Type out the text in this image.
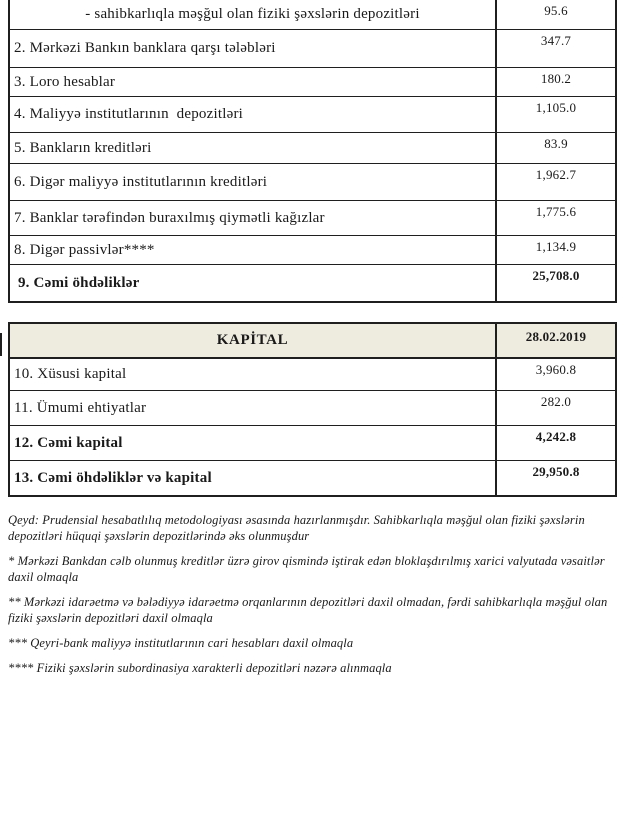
- sahibkarlıqla məşğul olan fiziki şəxslərin depozitləri	95.6
2. Mərkəzi Bankın banklara qarşı tələbləri	347.7
3. Loro hesablar	180.2
4. Maliyyə institutlarının  depozitləri	1,105.0
5. Bankların kreditləri	83.9
6. Digər maliyyə institutlarının kreditləri	1,962.7
7. Banklar tərəfindən buraxılmış qiymətli kağızlar	1,775.6
8. Digər passivlər****	1,134.9
9. Cəmi öhdəliklər	25,708.0
KAPİTAL	28.02.2019
10. Xüsusi kapital	3,960.8
11. Ümumi ehtiyatlar	282.0
12. Cəmi kapital	4,242.8
13. Cəmi öhdəliklər və kapital	29,950.8

Qeyd: Prudensial hesabatlılıq metodologiyası əsasında hazırlanmışdır. Sahibkarlıqla məşğul olan fiziki şəxslərin depozitləri hüquqi şəxslərin depozitlərində əks olunmuşdur

* Mərkəzi Bankdan cəlb olunmuş kreditlər üzrə girov qismində iştirak edən bloklaşdırılmış xarici valyutada vəsaitlər daxil olmaqla

** Mərkəzi idarəetmə və bələdiyyə idarəetmə orqanlarının depozitləri daxil olmadan, fərdi sahibkarlıqla məşğul olan fiziki şəxslərin depozitləri daxil olmaqla

*** Qeyri-bank maliyyə institutlarının cari hesabları daxil olmaqla

**** Fiziki şəxslərin subordinasiya xarakterli depozitləri nəzərə alınmaqla
